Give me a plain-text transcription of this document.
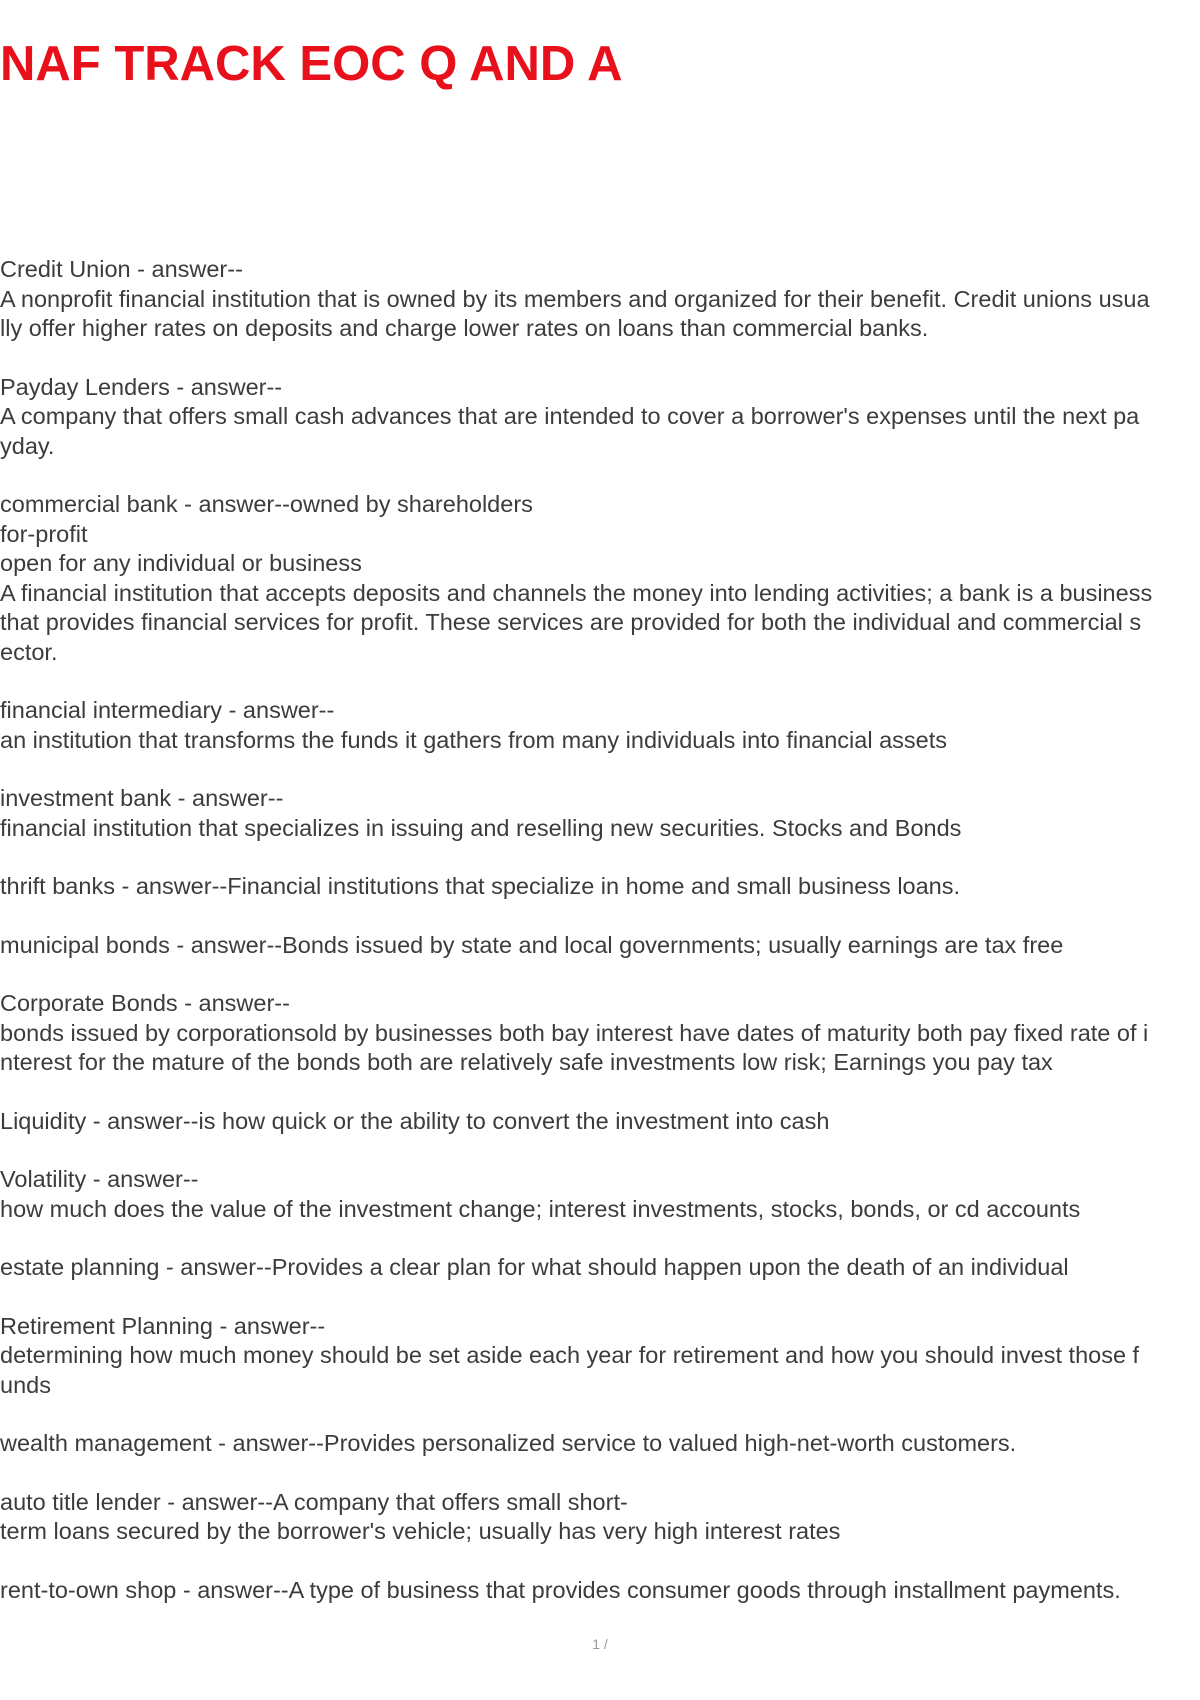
NAF TRACK EOC Q AND A
Credit Union - answer--
A nonprofit financial institution that is owned by its members and organized for their benefit. Credit unions usua
lly offer higher rates on deposits and charge lower rates on loans than commercial banks.
Payday Lenders - answer--
A company that offers small cash advances that are intended to cover a borrower's expenses until the next pa
yday.
commercial bank - answer--owned by shareholders
for-profit
open for any individual or business
A financial institution that accepts deposits and channels the money into lending activities; a bank is a business
that provides financial services for profit. These services are provided for both the individual and commercial s
ector.
financial intermediary - answer--
an institution that transforms the funds it gathers from many individuals into financial assets
investment bank - answer--
financial institution that specializes in issuing and reselling new securities. Stocks and Bonds
thrift banks - answer--Financial institutions that specialize in home and small business loans.
municipal bonds - answer--Bonds issued by state and local governments; usually earnings are tax free
Corporate Bonds - answer--
bonds issued by corporationsold by businesses both bay interest have dates of maturity both pay fixed rate of i
nterest for the mature of the bonds both are relatively safe investments low risk; Earnings you pay tax
Liquidity - answer--is how quick or the ability to convert the investment into cash
Volatility - answer--
how much does the value of the investment change; interest investments, stocks, bonds, or cd accounts
estate planning - answer--Provides a clear plan for what should happen upon the death of an individual
Retirement Planning - answer--
determining how much money should be set aside each year for retirement and how you should invest those f
unds
wealth management - answer--Provides personalized service to valued high-net-worth customers.
auto title lender - answer--A company that offers small short-
term loans secured by the borrower's vehicle; usually has very high interest rates
rent-to-own shop - answer--A type of business that provides consumer goods through installment payments.
1 /
